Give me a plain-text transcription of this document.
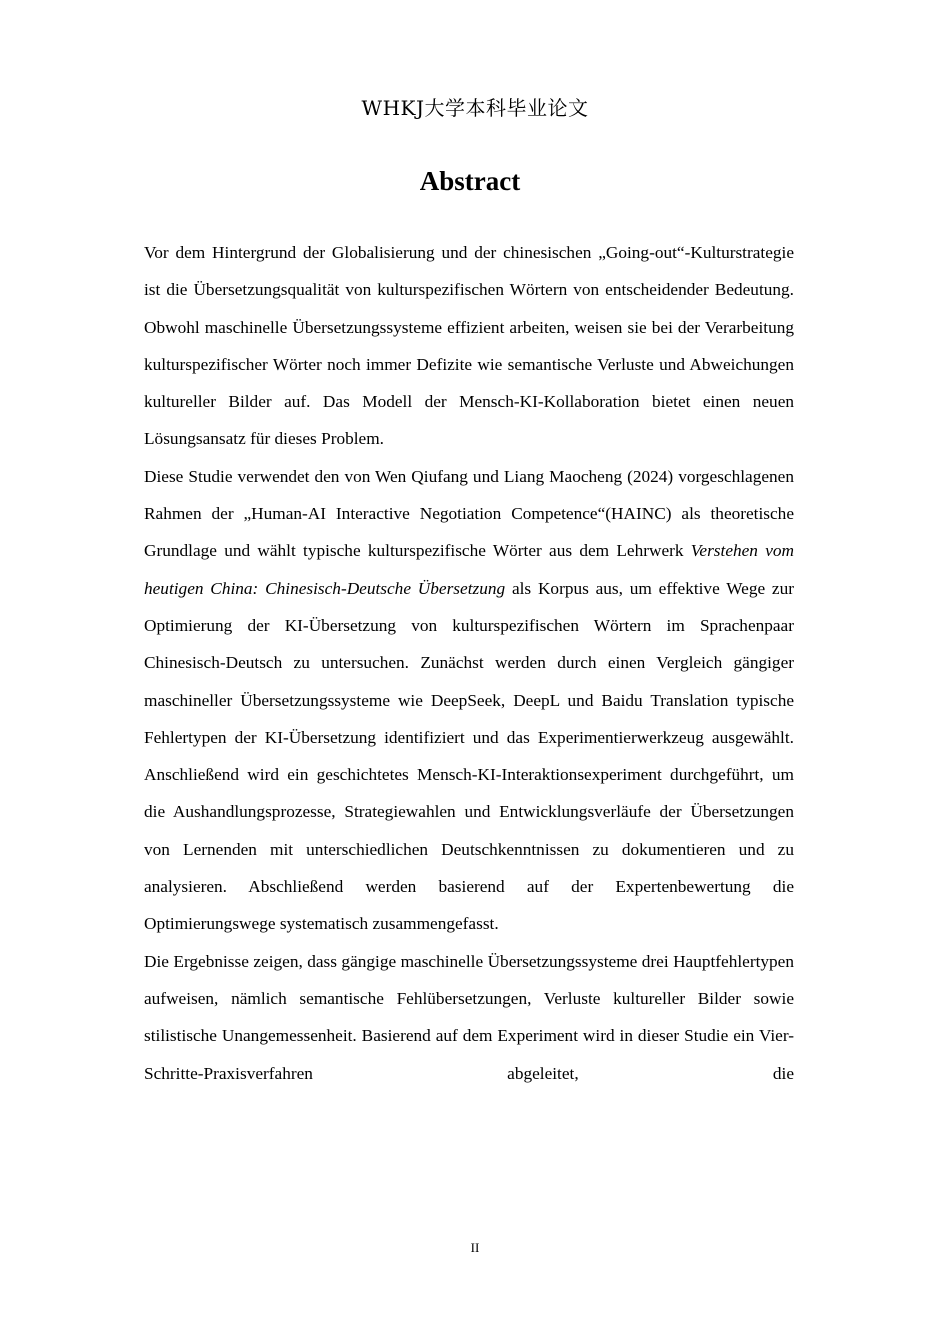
WHKJ大学本科毕业论文
Abstract

Vor dem Hintergrund der Globalisierung und der chinesischen „Going-out“-Kulturstrategie ist die Übersetzungsqualität von kulturspezifischen Wörtern von entscheidender Bedeutung. Obwohl maschinelle Übersetzungssysteme effizient arbeiten, weisen sie bei der Verarbeitung kulturspezifischer Wörter noch immer Defizite wie semantische Verluste und Abweichungen kultureller Bilder auf. Das Modell der Mensch-KI-Kollaboration bietet einen neuen Lösungsansatz für dieses Problem.

Diese Studie verwendet den von Wen Qiufang und Liang Maocheng (2024) vorgeschlagenen Rahmen der „Human-AI Interactive Negotiation Competence“(HAINC) als theoretische Grundlage und wählt typische kulturspezifische Wörter aus dem Lehrwerk Verstehen vom heutigen China: Chinesisch-Deutsche Übersetzung als Korpus aus, um effektive Wege zur Optimierung der KI-Übersetzung von kulturspezifischen Wörtern im Sprachenpaar Chinesisch-Deutsch zu untersuchen. Zunächst werden durch einen Vergleich gängiger maschineller Übersetzungssysteme wie DeepSeek, DeepL und Baidu Translation typische Fehlertypen der KI-Übersetzung identifiziert und das Experimentierwerkzeug ausgewählt. Anschließend wird ein geschichtetes Mensch-KI-Interaktionsexperiment durchgeführt, um die Aushandlungsprozesse, Strategiewahlen und Entwicklungsverläufe der Übersetzungen von Lernenden mit unterschiedlichen Deutschkenntnissen zu dokumentieren und zu analysieren. Abschließend werden basierend auf der Expertenbewertung die Optimierungswege systematisch zusammengefasst.

Die Ergebnisse zeigen, dass gängige maschinelle Übersetzungssysteme drei Hauptfehlertypen aufweisen, nämlich semantische Fehlübersetzungen, Verluste kultureller Bilder sowie stilistische Unangemessenheit. Basierend auf dem Experiment wird in dieser Studie ein Vier-Schritte-Praxisverfahren abgeleitet, die

II
